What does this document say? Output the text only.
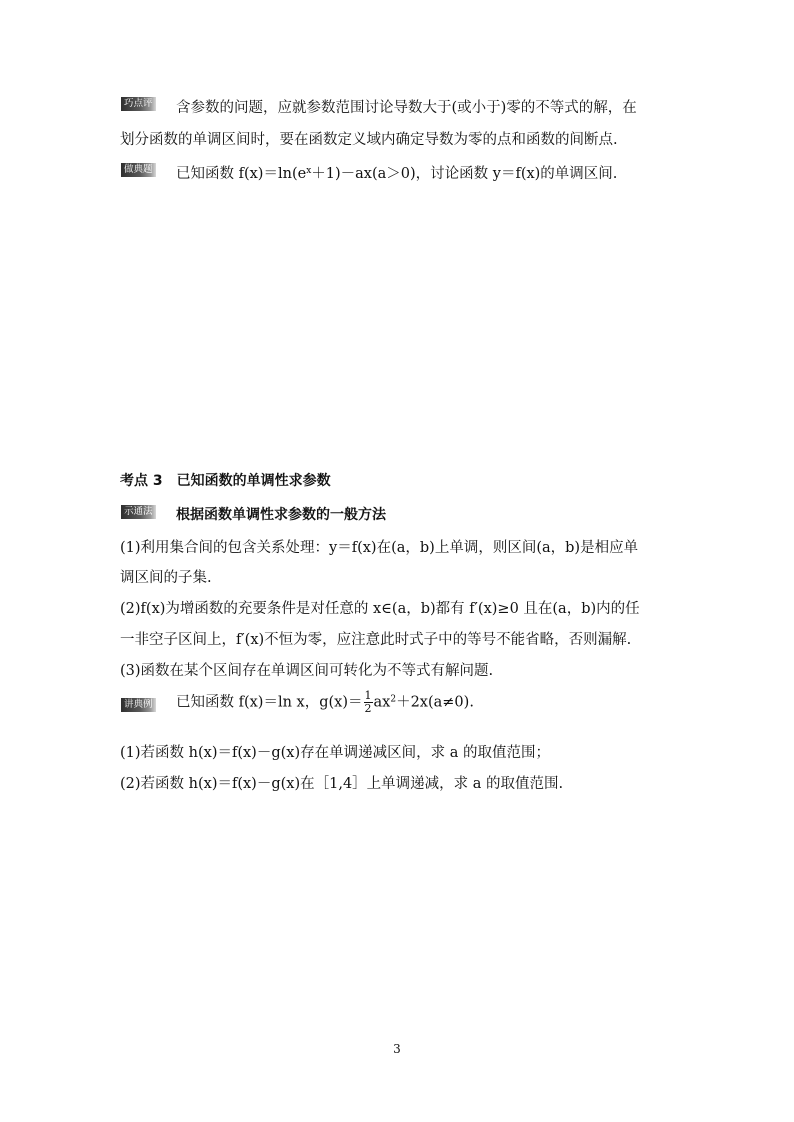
巧点评 含参数的问题，应就参数范围讨论导数大于(或小于)零的不等式的解，在
划分函数的单调区间时，要在函数定义域内确定导数为零的点和函数的间断点.
做典题 已知函数 $f(x)=\ln(e^x+1)-ax(a>0)$，讨论函数 y＝f(x)的单调区间.
考点 3　已知函数的单调性求参数
示通法 根据函数单调性求参数的一般方法
(1)利用集合间的包含关系处理：y＝f(x)在(a，b)上单调，则区间(a，b)是相应单
调区间的子集.
(2)f(x)为增函数的充要条件是对任意的 x∈(a，b)都有 f′(x)≥0 且在(a，b)内的任
一非空子区间上，f′(x)不恒为零，应注意此时式子中的等号不能省略，否则漏解.
(3)函数在某个区间存在单调区间可转化为不等式有解问题.
讲典例 已知函数 f(x)＝ln x，$g(x)= \frac{1}{2} ax^2+2x(a\ne 0)$.
(1)若函数 h(x)＝f(x)－g(x)存在单调递减区间，求 a 的取值范围；
(2)若函数 h(x)＝f(x)－g(x)在［1,4］上单调递减，求 a 的取值范围.
3
